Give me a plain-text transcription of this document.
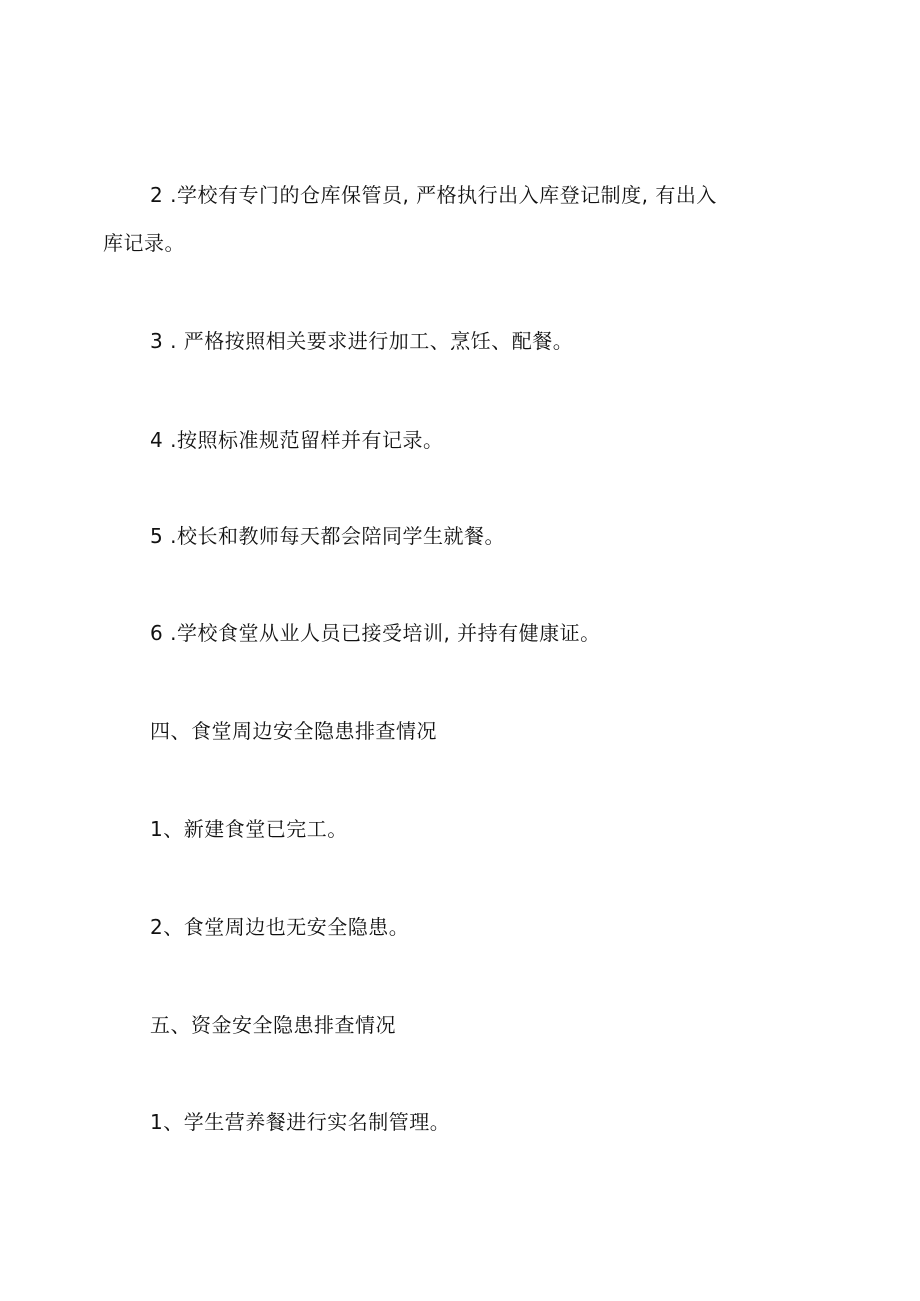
2 .学校有专门的仓库保管员, 严格执行出入库登记制度, 有出入
库记录。
3 . 严格按照相关要求进行加工、烹饪、配餐。
4 .按照标准规范留样并有记录。
5 .校长和教师每天都会陪同学生就餐。
6 .学校食堂从业人员已接受培训, 并持有健康证。
四、食堂周边安全隐患排查情况
1、新建食堂已完工。
2、食堂周边也无安全隐患。
五、资金安全隐患排查情况
1、学生营养餐进行实名制管理。
